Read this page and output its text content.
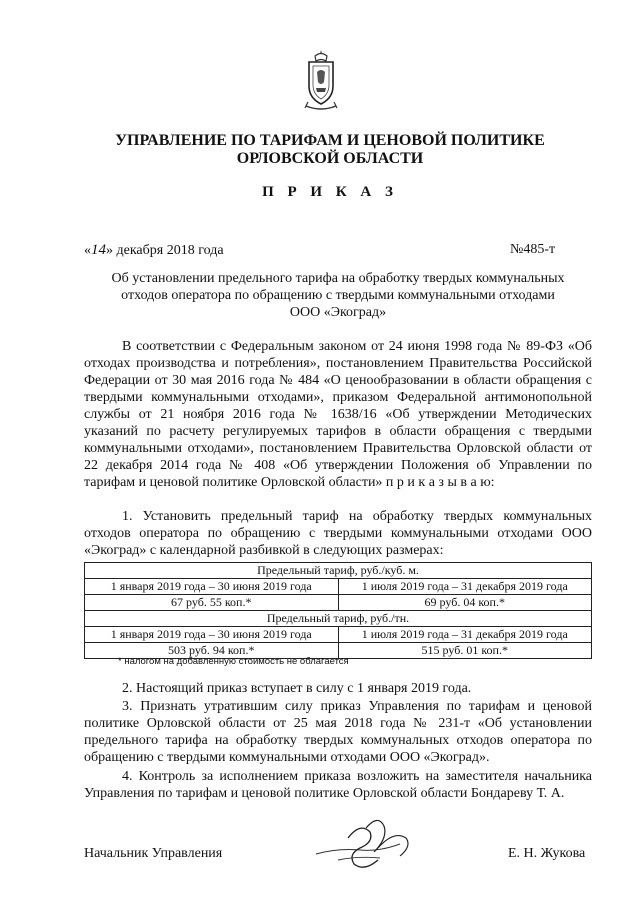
УПРАВЛЕНИЕ ПО ТАРИФАМ И ЦЕНОВОЙ ПОЛИТИКЕ
ОРЛОВСКОЙ ОБЛАСТИ
П Р И К А З
«14» декабря 2018 года	№485-т
Об установлении предельного тарифа на обработку твердых коммунальных
отходов оператора по обращению с твердыми коммунальными отходами
ООО «Экоград»
В соответствии с Федеральным законом от 24 июня 1998 года № 89-ФЗ «Об отходах производства и потребления», постановлением Правительства Российской Федерации от 30 мая 2016 года № 484 «О ценообразовании в области обращения с твердыми коммунальными отходами», приказом Федеральной антимонопольной службы от 21 ноября 2016 года № 1638/16 «Об утверждении Методических указаний по расчету регулируемых тарифов в области обращения с твердыми коммунальными отходами», постановлением Правительства Орловской области от 22 декабря 2014 года № 408 «Об утверждении Положения об Управлении по тарифам и ценовой политике Орловской области» п р и к а з ы в а ю:
1. Установить предельный тариф на обработку твердых коммунальных отходов оператора по обращению с твердыми коммунальными отходами ООО «Экоград» с календарной разбивкой в следующих размерах:
Предельный тариф, руб./куб. м.	
1 января 2019 года – 30 июня 2019 года	1 июля 2019 года – 31 декабря 2019 года
67 руб. 55 коп.*	69 руб. 04 коп.*
Предельный тариф, руб./тн.	
1 января 2019 года – 30 июня 2019 года	1 июля 2019 года – 31 декабря 2019 года
503 руб. 94 коп.*	515 руб. 01 коп.*
* налогом на добавленную стоимость не облагается
2. Настоящий приказ вступает в силу с 1 января 2019 года.
3. Признать утратившим силу приказ Управления по тарифам и ценовой политике Орловской области от 25 мая 2018 года № 231-т «Об установлении предельного тарифа на обработку твердых коммунальных отходов оператора по обращению с твердыми коммунальными отходами ООО «Экоград».
4. Контроль за исполнением приказа возложить на заместителя начальника Управления по тарифам и ценовой политике Орловской области Бондареву Т. А.
Начальник Управления	Е. Н. Жукова
